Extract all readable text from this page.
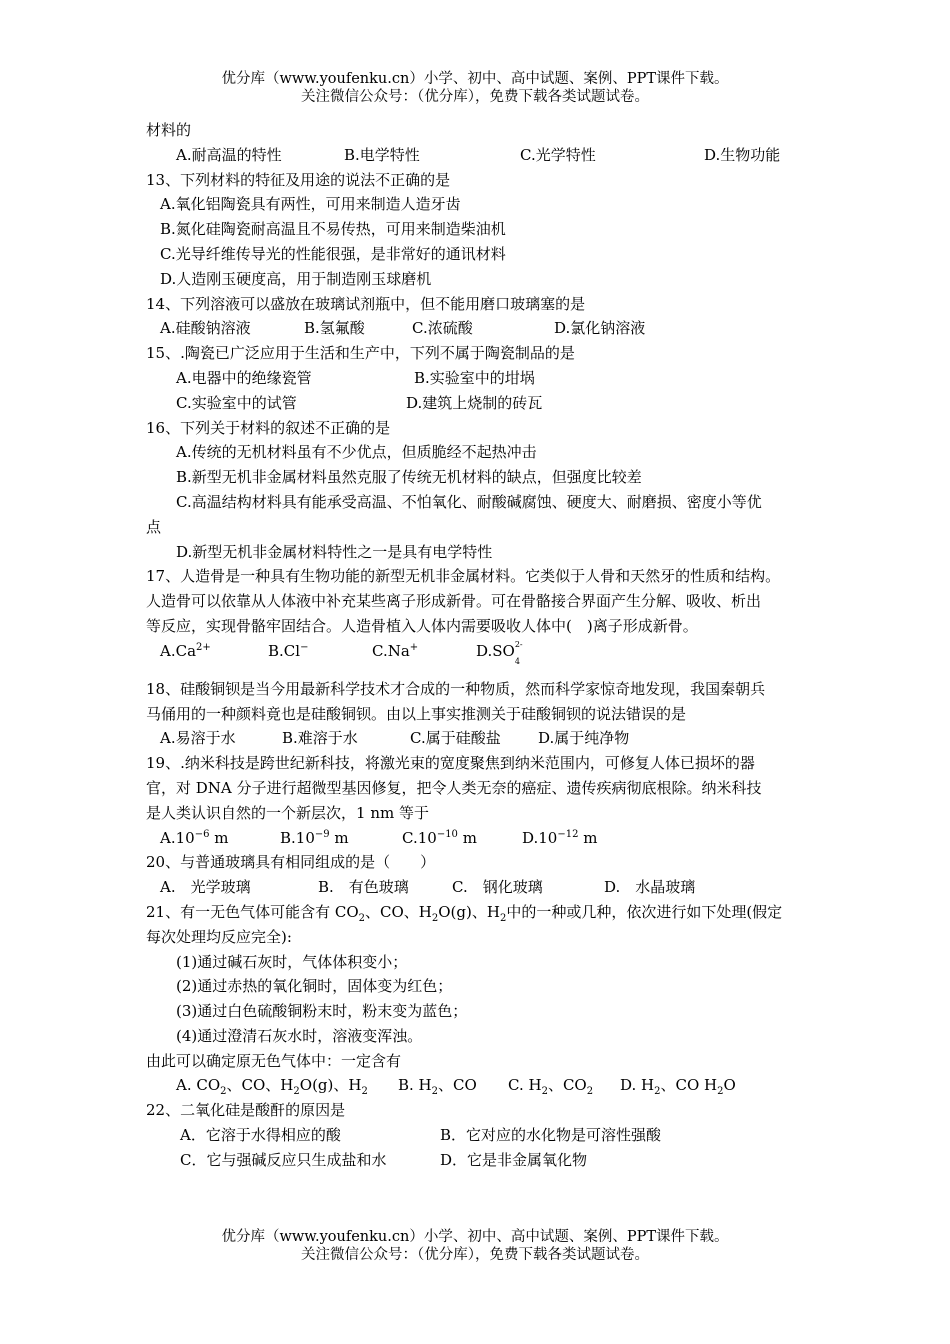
优分库（www.youfenku.cn）小学、初中、高中试题、案例、PPT课件下载。
关注微信公众号：（优分库），免费下载各类试题试卷。
材料的
A.耐高温的特性	B.电学特性	C.光学特性	D.生物功能
13、下列材料的特征及用途的说法不正确的是
A.氧化铝陶瓷具有两性，可用来制造人造牙齿
B.氮化硅陶瓷耐高温且不易传热，可用来制造柴油机
C.光导纤维传导光的性能很强，是非常好的通讯材料
D.人造刚玉硬度高，用于制造刚玉球磨机
14、下列溶液可以盛放在玻璃试剂瓶中，但不能用磨口玻璃塞的是
A.硅酸钠溶液	B.氢氟酸	C.浓硫酸	D.氯化钠溶液
15、.陶瓷已广泛应用于生活和生产中，下列不属于陶瓷制品的是
A.电器中的绝缘瓷管	B.实验室中的坩埚
C.实验室中的试管	D.建筑上烧制的砖瓦
16、下列关于材料的叙述不正确的是
A.传统的无机材料虽有不少优点，但质脆经不起热冲击
B.新型无机非金属材料虽然克服了传统无机材料的缺点，但强度比较差
C.高温结构材料具有能承受高温、不怕氧化、耐酸碱腐蚀、硬度大、耐磨损、密度小等优
点
D.新型无机非金属材料特性之一是具有电学特性
17、人造骨是一种具有生物功能的新型无机非金属材料。它类似于人骨和天然牙的性质和结构。
人造骨可以依靠从人体液中补充某些离子形成新骨。可在骨骼接合界面产生分解、吸收、析出
等反应，实现骨骼牢固结合。人造骨植入人体内需要吸收人体中(　)离子形成新骨。
$A.Ca^{2+}$	B.Cl−	C.Na+	D.SO 2-
4
18、硅酸铜钡是当今用最新科学技术才合成的一种物质，然而科学家惊奇地发现，我国秦朝兵
马俑用的一种颜料竟也是硅酸铜钡。由以上事实推测关于硅酸铜钡的说法错误的是
A.易溶于水	B.难溶于水	C.属于硅酸盐 D.属于纯净物
19、.纳米科技是跨世纪新科技，将激光束的宽度聚焦到纳米范围内，可修复人体已损坏的器
官，对 DNA 分子进行超微型基因修复，把令人类无奈的癌症、遗传疾病彻底根除。纳米科技
是人类认识自然的一个新层次，1 nm 等于
$A.10^{-6}$ m	$B.10^{-9}$ m	$C.10^{-10}$ m	$D.10^{-12}$ m
20、与普通玻璃具有相同组成的是（　　）
A.　光学玻璃	B.　有色玻璃	C.　钢化玻璃	D.　水晶玻璃
21、有一无色气体可能含有 $CO_2$、CO、$H_2O(g)$、$H_2$中的一种或几种，依次进行如下处理(假定
每次处理均反应完全):
(1)通过碱石灰时，气体体积变小；
(2)通过赤热的氧化铜时，固体变为红色；
(3)通过白色硫酸铜粉末时，粉末变为蓝色；
(4)通过澄清石灰水时，溶液变浑浊。
由此可以确定原无色气体中：一定含有
A. $CO_2$、CO、$H_2O(g)$、$H_2$ B. $H_2$、CO C. $H_2$、$CO_2$ D. $H_2$、CO $H_2O$
22、二氧化硅是酸酐的原因是
A．它溶于水得相应的酸	B．它对应的水化物是可溶性强酸
C．它与强碱反应只生成盐和水	D．它是非金属氧化物
优分库（www.youfenku.cn）小学、初中、高中试题、案例、PPT课件下载。
关注微信公众号：（优分库），免费下载各类试题试卷。
